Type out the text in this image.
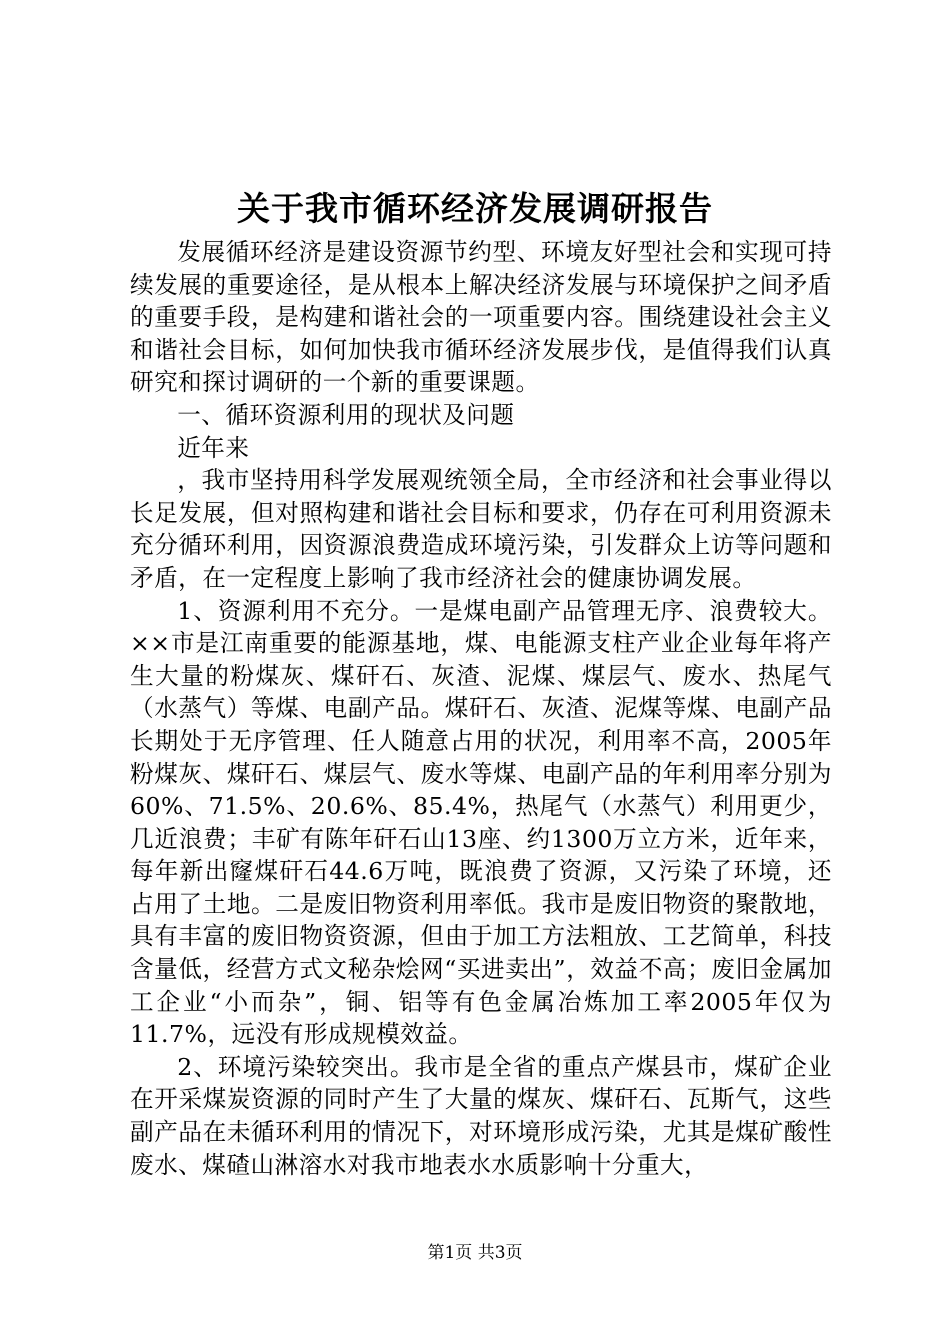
关于我市循环经济发展调研报告

发展循环经济是建设资源节约型、环境友好型社会和实现可持续发展的重要途径，是从根本上解决经济发展与环境保护之间矛盾的重要手段，是构建和谐社会的一项重要内容。围绕建设社会主义和谐社会目标，如何加快我市循环经济发展步伐，是值得我们认真研究和探讨调研的一个新的重要课题。

一、循环资源利用的现状及问题

近年来

，我市坚持用科学发展观统领全局，全市经济和社会事业得以长足发展，但对照构建和谐社会目标和要求，仍存在可利用资源未充分循环利用，因资源浪费造成环境污染，引发群众上访等问题和矛盾，在一定程度上影响了我市经济社会的健康协调发展。

1、资源利用不充分。一是煤电副产品管理无序、浪费较大。××市是江南重要的能源基地，煤、电能源支柱产业企业每年将产生大量的粉煤灰、煤矸石、灰渣、泥煤、煤层气、废水、热尾气（水蒸气）等煤、电副产品。煤矸石、灰渣、泥煤等煤、电副产品长期处于无序管理、任人随意占用的状况，利用率不高，2005年粉煤灰、煤矸石、煤层气、废水等煤、电副产品的年利用率分别为60%、71.5%、20.6%、85.4%，热尾气（水蒸气）利用更少，几近浪费；丰矿有陈年矸石山13座、约1300万立方米，近年来，每年新出窿煤矸石44.6万吨，既浪费了资源，又污染了环境，还占用了土地。二是废旧物资利用率低。我市是废旧物资的聚散地，具有丰富的废旧物资资源，但由于加工方法粗放、工艺简单，科技含量低，经营方式文秘杂烩网“买进卖出”，效益不高；废旧金属加工企业“小而杂”，铜、铝等有色金属冶炼加工率2005年仅为11.7%，远没有形成规模效益。

2、环境污染较突出。我市是全省的重点产煤县市，煤矿企业在开采煤炭资源的同时产生了大量的煤灰、煤矸石、瓦斯气，这些副产品在未循环利用的情况下，对环境形成污染，尤其是煤矿酸性废水、煤碴山淋溶水对我市地表水水质影响十分重大，

第1页 共3页
